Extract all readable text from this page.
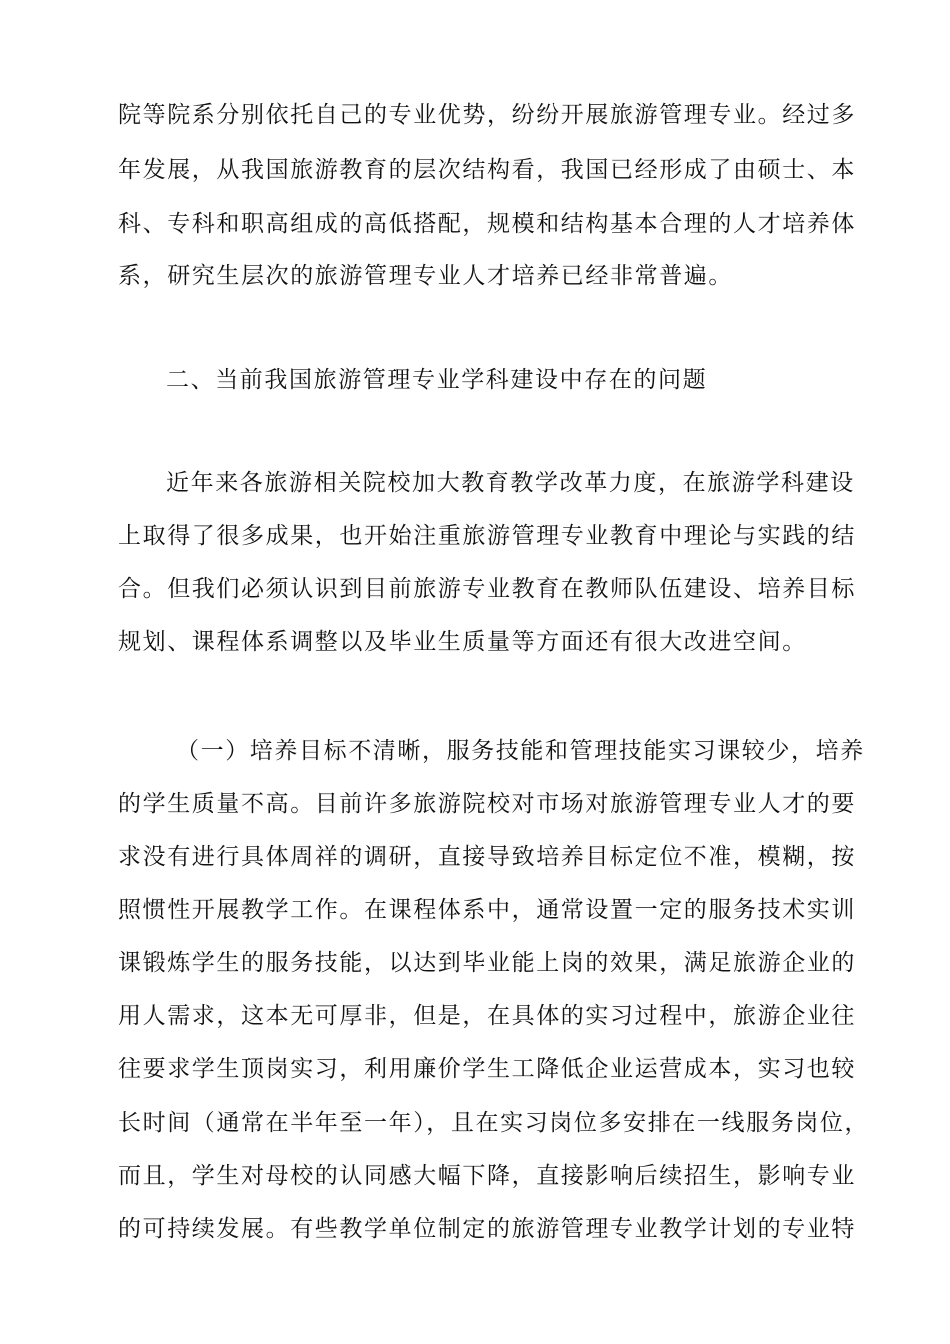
院等院系分别依托自己的专业优势，纷纷开展旅游管理专业。经过多
年发展，从我国旅游教育的层次结构看，我国已经形成了由硕士、本
科、专科和职高组成的高低搭配，规模和结构基本合理的人才培养体
系，研究生层次的旅游管理专业人才培养已经非常普遍。
二、当前我国旅游管理专业学科建设中存在的问题
近年来各旅游相关院校加大教育教学改革力度，在旅游学科建设
上取得了很多成果，也开始注重旅游管理专业教育中理论与实践的结
合。但我们必须认识到目前旅游专业教育在教师队伍建设、培养目标
规划、课程体系调整以及毕业生质量等方面还有很大改进空间。
（一）培养目标不清晰，服务技能和管理技能实习课较少，培养
的学生质量不高。目前许多旅游院校对市场对旅游管理专业人才的要
求没有进行具体周祥的调研，直接导致培养目标定位不准，模糊，按
照惯性开展教学工作。在课程体系中，通常设置一定的服务技术实训
课锻炼学生的服务技能，以达到毕业能上岗的效果，满足旅游企业的
用人需求，这本无可厚非，但是，在具体的实习过程中，旅游企业往
往要求学生顶岗实习，利用廉价学生工降低企业运营成本，实习也较
长时间（通常在半年至一年），且在实习岗位多安排在一线服务岗位，
而且，学生对母校的认同感大幅下降，直接影响后续招生，影响专业
的可持续发展。有些教学单位制定的旅游管理专业教学计划的专业特
